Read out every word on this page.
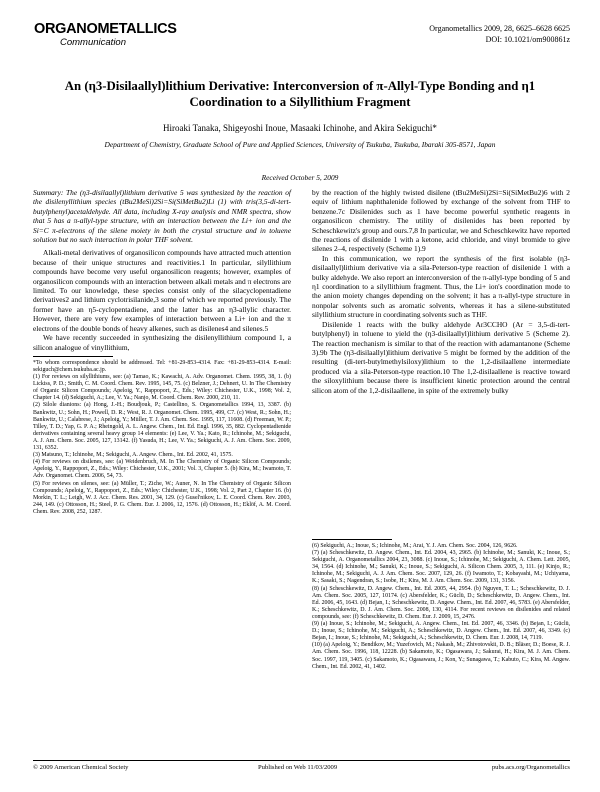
ORGANOMETALLICS
Communication
Organometallics 2009, 28, 6625–6628 6625
DOI: 10.1021/om900861z
An (η3-Disilaallyl)lithium Derivative: Interconversion of π-Allyl-Type Bonding and η1 Coordination to a Silyllithium Fragment
Hiroaki Tanaka, Shigeyoshi Inoue, Masaaki Ichinohe, and Akira Sekiguchi*
Department of Chemistry, Graduate School of Pure and Applied Sciences, University of Tsukuba, Tsukuba, Ibaraki 305-8571, Japan
Received October 5, 2009

Summary: The (η3-disilaallyl)lithium derivative 5 was synthesized by the reaction of the disilenyllithium species (tBu2MeSi)2Si=Si(SiMetBu2)Li (1) with tris(3,5-di-tert-butylphenyl)acetaldehyde. All data, including X-ray analysis and NMR spectra, show that 5 has a π-allyl-type structure, with an interaction between the Li+ ion and the Si=C π-electrons of the silene moiety in both the crystal structure and in toluene solution but no such interaction in polar THF solvent.

Alkali-metal derivatives of organosilicon compounds have attracted much attention because of their unique structures and reactivities.1 In particular, silyllithium compounds have become very useful organosilicon reagents; however, examples of organosilicon compounds with an interaction between alkali metals and π electrons are limited. To our knowledge, these species consist only of the silacyclopentadiene derivatives2 and lithium cyclotrisilanide,3 some of which we reported previously. The former have an η5-cyclopentadiene, and the latter has an η3-allylic character. However, there are very few examples of interaction between a Li+ ion and the π electrons of the double bonds of heavy alkenes, such as disilenes4 and silenes.5

We have recently succeeded in synthesizing the disilenyllithium compound 1, a silicon analogue of vinyllithium,

*To whom correspondence should be addressed. Tel: +81-29-853-4314. Fax: +81-29-853-4314. E-mail: sekiguch@chem.tsukuba.ac.jp.

(1) For reviews on silyllithiums, see: (a) Tamao, K.; Kawachi, A. Adv. Organomet. Chem. 1995, 38, 1. (b) Lickiss, P. D.; Smith, C. M. Coord. Chem. Rev. 1995, 145, 75. (c) Belzner, J.; Dehnert, U. In The Chemistry of Organic Silicon Compounds; Apeloig, Y., Rappoport, Z., Eds.; Wiley: Chichester, U.K., 1998; Vol. 2, Chapter 14. (d) Sekiguchi, A.; Lee, V. Ya.; Nanjo, M. Coord. Chem. Rev. 2000, 210, 11.

(2) Silole dianions: (a) Hong, J.-H.; Boudjouk, P.; Castellino, S. Organometallics 1994, 13, 3387. (b) Bankwitz, U.; Sohn, H.; Powell, D. R.; West, R. J. Organomet. Chem. 1995, 499, C7. (c) West, R.; Sohn, H.; Bankwitz, U.; Calabrese, J.; Apeloig, Y.; Müller, T. J. Am. Chem. Soc. 1995, 117, 11608. (d) Freeman, W. P.; Tilley, T. D.; Yap, G. P. A.; Rheingold, A. L. Angew. Chem., Int. Ed. Engl. 1996, 35, 882. Cyclopentadienide derivatives containing several heavy group 14 elements: (e) Lee, V. Ya.; Kato, R.; Ichinohe, M.; Sekiguchi, A. J. Am. Chem. Soc. 2005, 127, 13142. (f) Yasuda, H.; Lee, V. Ya.; Sekiguchi, A. J. Am. Chem. Soc. 2009, 131, 6352.

(3) Matsuno, T.; Ichinohe, M.; Sekiguchi, A. Angew. Chem., Int. Ed. 2002, 41, 1575.

(4) For reviews on disilenes, see: (a) Weidenbruch, M. In The Chemistry of Organic Silicon Compounds; Apeloig, Y., Rappoport, Z., Eds.; Wiley: Chichester, U.K., 2001; Vol. 3, Chapter 5. (b) Kira, M.; Iwamoto, T. Adv. Organomet. Chem. 2006, 54, 73.

(5) For reviews on silenes, see: (a) Müller, T.; Ziche, W.; Auner, N. In The Chemistry of Organic Silicon Compounds; Apeloig, Y., Rappoport, Z., Eds.; Wiley: Chichester, U.K., 1998; Vol. 2, Part 2, Chapter 16. (b) Morkin, T. L.; Leigh, W. J. Acc. Chem. Res. 2001, 34, 129. (c) Gusel'nikov, L. E. Coord. Chem. Rev. 2003, 244, 149. (c) Ottosson, H.; Steel, P. G. Chem. Eur. J. 2006, 12, 1576. (d) Ottosson, H.; Eklöf, A. M. Coord. Chem. Rev. 2008, 252, 1287.

by the reaction of the highly twisted disilene (tBu2MeSi)2Si=Si(SiMetBu2)6 with 2 equiv of lithium naphthalenide followed by exchange of the solvent from THF to benzene.7c Disilenides such as 1 have become powerful synthetic reagents in organosilicon chemistry. The utility of disilenides has been reported by Scheschkewitz's group and ours.7,8 In particular, we and Scheschkewitz have reported the reactions of disilenide 1 with a ketone, acid chloride, and vinyl bromide to give silenes 2–4, respectively (Scheme 1).9

In this communication, we report the synthesis of the first isolable (η3-disilaallyl)lithium derivative via a sila-Peterson-type reaction of disilenide 1 with a bulky aldehyde. We also report an interconversion of the π-allyl-type bonding of 5 and η1 coordination to a silyllithium fragment. Thus, the Li+ ion's coordination mode to the anion moiety changes depending on the solvent; it has a π-allyl-type structure in nonpolar solvents such as aromatic solvents, whereas it has a silene-substituted silyllithium structure in coordinating solvents such as THF.

Disilenide 1 reacts with the bulky aldehyde Ar3CCHO (Ar = 3,5-di-tert-butylphenyl) in toluene to yield the (η3-disilaallyl)lithium derivative 5 (Scheme 2). The reaction mechanism is similar to that of the reaction with adamantanone (Scheme 3).9b The (η3-disilaallyl)lithium derivative 5 might be formed by the addition of the resulting (di-tert-butylmethylsiloxy)lithium to the 1,2-disilaallene intermediate produced via a sila-Peterson-type reaction.10 The 1,2-disilaallene is reactive toward the siloxylithium because there is insufficient kinetic protection around the central silicon atom of the 1,2-disilaallene, in spite of the extremely bulky

(6) Sekiguchi, A.; Inoue, S.; Ichinohe, M.; Arai, Y. J. Am. Chem. Soc. 2004, 126, 9626.

(7) (a) Scheschkewitz, D. Angew. Chem., Int. Ed. 2004, 43, 2965. (b) Ichinohe, M.; Sanuki, K.; Inoue, S.; Sekiguchi, A. Organometallics 2004, 23, 3088. (c) Inoue, S.; Ichinohe, M.; Sekiguchi, A. Chem. Lett. 2005, 34, 1564. (d) Ichinohe, M.; Sanuki, K.; Inoue, S.; Sekiguchi, A. Silicon Chem. 2005, 3, 111. (e) Kinjo, R.; Ichinohe, M.; Sekiguchi, A. J. Am. Chem. Soc. 2007, 129, 26. (f) Iwamoto, T.; Kobayashi, M.; Uchiyama, K.; Sasaki, S.; Nagendran, S.; Isobe, H.; Kira, M. J. Am. Chem. Soc. 2009, 131, 3156.

(8) (a) Scheschkewitz, D. Angew. Chem., Int. Ed. 2005, 44, 2954. (b) Nguyen, T. L.; Scheschkewitz, D. J. Am. Chem. Soc. 2005, 127, 10174. (c) Abersfelder, K.; Güclü, D.; Scheschkewitz, D. Angew. Chem., Int. Ed. 2006, 45, 1643. (d) Bejan, I.; Scheschkewitz, D. Angew. Chem., Int. Ed. 2007, 46, 5783. (e) Abersfelder, K.; Scheschkewitz, D. J. Am. Chem. Soc. 2008, 130, 4114. For recent reviews on disilenides and related compounds, see: (f) Scheschkewitz, D. Chem. Eur. J. 2009, 15, 2476.

(9) (a) Inoue, S.; Ichinohe, M.; Sekiguchi, A. Angew. Chem., Int. Ed. 2007, 46, 3346. (b) Bejan, I.; Güclü, D.; Inoue, S.; Ichinohe, M.; Sekiguchi, A.; Scheschkewitz, D. Angew. Chem., Int. Ed. 2007, 46, 3349. (c) Bejan, I.; Inoue, S.; Ichinohe, M.; Sekiguchi, A.; Scheschkewitz, D. Chem. Eur. J. 2008, 14, 7119.

(10) (a) Apeloig, Y.; Bendikov, M.; Yuzefovich, M.; Nakash, M.; Zhivotovskii, D. B.; Bläser, D.; Boese, R. J. Am. Chem. Soc. 1996, 118, 12228. (b) Sakamoto, K.; Ogasawara, J.; Sakurai, H.; Kira, M. J. Am. Chem. Soc. 1997, 119, 3405. (c) Sakamoto, K.; Ogasawara, J.; Kon, Y.; Sunagawa, T.; Kabuto, C.; Kira, M. Angew. Chem., Int. Ed. 2002, 41, 1402.

© 2009 American Chemical Society	Published on Web 11/03/2009	pubs.acs.org/Organometallics
